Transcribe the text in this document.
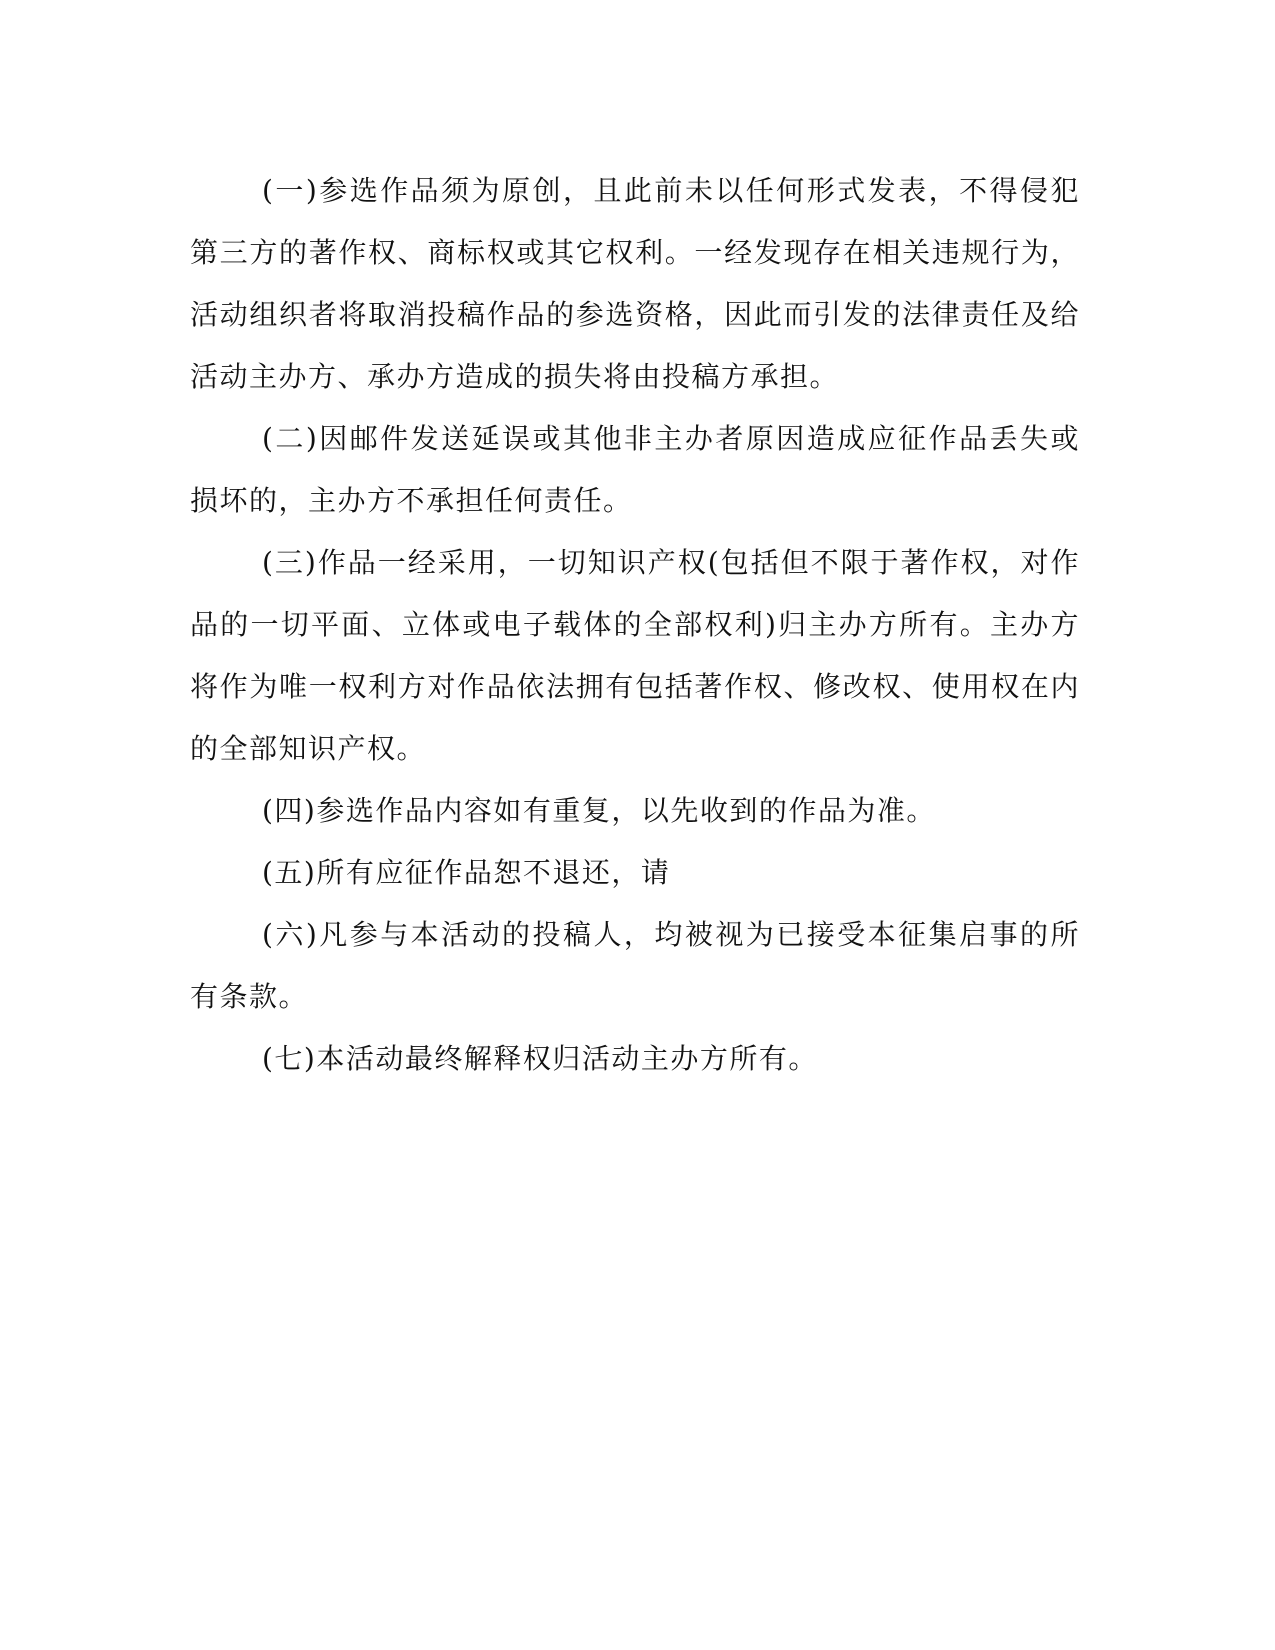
(一)参选作品须为原创，且此前未以任何形式发表，不得侵犯第三方的著作权、商标权或其它权利。一经发现存在相关违规行为，活动组织者将取消投稿作品的参选资格，因此而引发的法律责任及给活动主办方、承办方造成的损失将由投稿方承担。

(二)因邮件发送延误或其他非主办者原因造成应征作品丢失或损坏的，主办方不承担任何责任。

(三)作品一经采用，一切知识产权(包括但不限于著作权，对作品的一切平面、立体或电子载体的全部权利)归主办方所有。主办方将作为唯一权利方对作品依法拥有包括著作权、修改权、使用权在内的全部知识产权。

(四)参选作品内容如有重复，以先收到的作品为准。

(五)所有应征作品恕不退还，请

(六)凡参与本活动的投稿人，均被视为已接受本征集启事的所有条款。

(七)本活动最终解释权归活动主办方所有。
